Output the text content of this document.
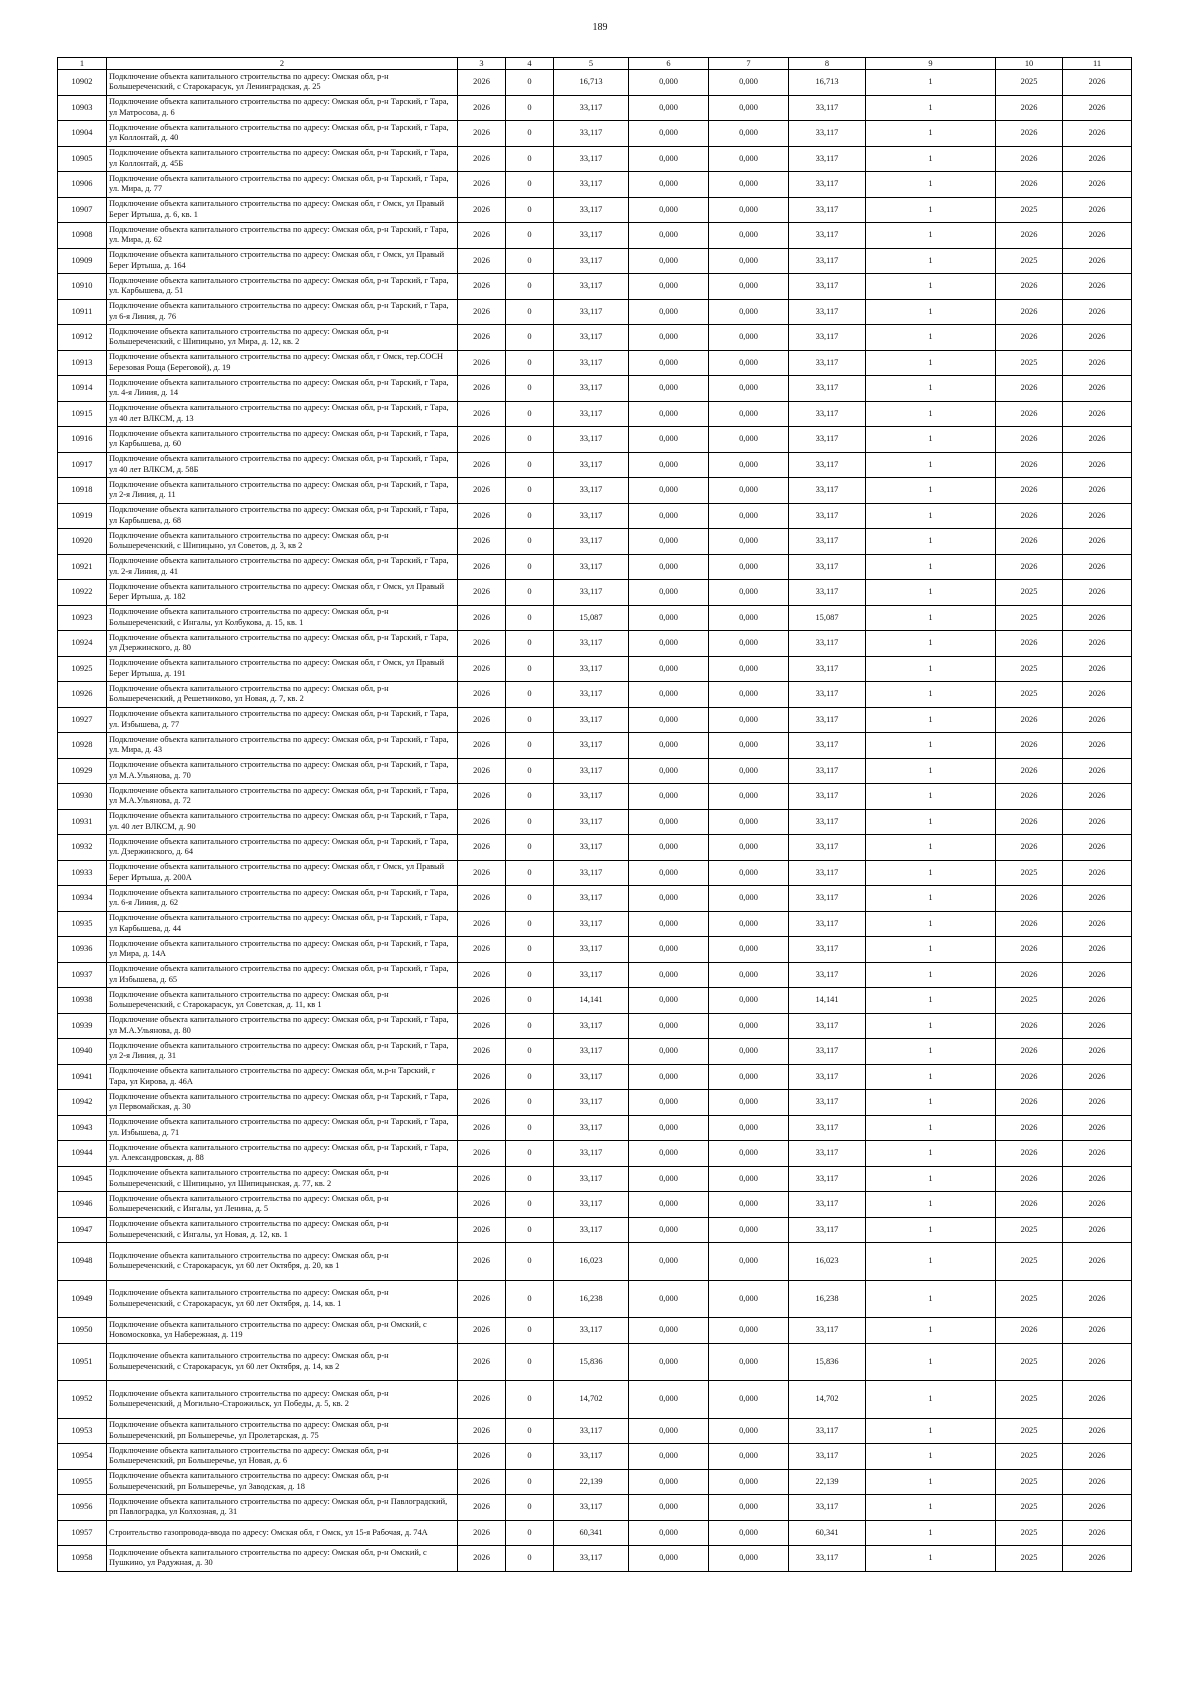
189
1	2	3	4	5	6	7	8	9	10	11
10902	Подключение объекта капитального строительства по адресу: Омская обл, р-н Большереченский, с Старокарасук, ул Ленинградская, д. 25	2026	0	16,713	0,000	0,000	16,713	1	2025	2026
10903	Подключение объекта капитального строительства по адресу: Омская обл, р-н Тарский, г Тара, ул Матросова, д. 6	2026	0	33,117	0,000	0,000	33,117	1	2026	2026
10904	Подключение объекта капитального строительства по адресу: Омская обл, р-н Тарский, г Тара, ул Коллонтай, д. 40	2026	0	33,117	0,000	0,000	33,117	1	2026	2026
10905	Подключение объекта капитального строительства по адресу: Омская обл, р-н Тарский, г Тара, ул Коллонтай, д. 45Б	2026	0	33,117	0,000	0,000	33,117	1	2026	2026
10906	Подключение объекта капитального строительства по адресу: Омская обл, р-н Тарский, г Тара, ул. Мира, д. 77	2026	0	33,117	0,000	0,000	33,117	1	2026	2026
10907	Подключение объекта капитального строительства по адресу: Омская обл, г Омск, ул Правый Берег Иртыша, д. 6, кв. 1	2026	0	33,117	0,000	0,000	33,117	1	2025	2026
10908	Подключение объекта капитального строительства по адресу: Омская обл, р-н Тарский, г Тара, ул. Мира, д. 62	2026	0	33,117	0,000	0,000	33,117	1	2026	2026
10909	Подключение объекта капитального строительства по адресу: Омская обл, г Омск, ул Правый Берег Иртыша, д. 164	2026	0	33,117	0,000	0,000	33,117	1	2025	2026
10910	Подключение объекта капитального строительства по адресу: Омская обл, р-н Тарский, г Тара, ул. Карбышева, д. 51	2026	0	33,117	0,000	0,000	33,117	1	2026	2026
10911	Подключение объекта капитального строительства по адресу: Омская обл, р-н Тарский, г Тара, ул 6-я Линия, д. 76	2026	0	33,117	0,000	0,000	33,117	1	2026	2026
10912	Подключение объекта капитального строительства по адресу: Омская обл, р-н Большереченский, с Шипицыно, ул Мира, д. 12, кв. 2	2026	0	33,117	0,000	0,000	33,117	1	2026	2026
10913	Подключение объекта капитального строительства по адресу: Омская обл, г Омск, тер.СОСН Березовая Роща (Береговой), д. 19	2026	0	33,117	0,000	0,000	33,117	1	2025	2026
10914	Подключение объекта капитального строительства по адресу: Омская обл, р-н Тарский, г Тара, ул. 4-я Линия, д. 14	2026	0	33,117	0,000	0,000	33,117	1	2026	2026
10915	Подключение объекта капитального строительства по адресу: Омская обл, р-н Тарский, г Тара, ул 40 лет ВЛКСМ, д. 13	2026	0	33,117	0,000	0,000	33,117	1	2026	2026
10916	Подключение объекта капитального строительства по адресу: Омская обл, р-н Тарский, г Тара, ул Карбышева, д. 60	2026	0	33,117	0,000	0,000	33,117	1	2026	2026
10917	Подключение объекта капитального строительства по адресу: Омская обл, р-н Тарский, г Тара, ул 40 лет ВЛКСМ, д. 58Б	2026	0	33,117	0,000	0,000	33,117	1	2026	2026
10918	Подключение объекта капитального строительства по адресу: Омская обл, р-н Тарский, г Тара, ул 2-я Линия, д. 11	2026	0	33,117	0,000	0,000	33,117	1	2026	2026
10919	Подключение объекта капитального строительства по адресу: Омская обл, р-н Тарский, г Тара, ул Карбышева, д. 68	2026	0	33,117	0,000	0,000	33,117	1	2026	2026
10920	Подключение объекта капитального строительства по адресу: Омская обл, р-н Большереченский, с Шипицыно, ул Советов, д. 3, кв 2	2026	0	33,117	0,000	0,000	33,117	1	2026	2026
10921	Подключение объекта капитального строительства по адресу: Омская обл, р-н Тарский, г Тара, ул. 2-я Линия, д. 41	2026	0	33,117	0,000	0,000	33,117	1	2026	2026
10922	Подключение объекта капитального строительства по адресу: Омская обл, г Омск, ул Правый Берег Иртыша, д. 182	2026	0	33,117	0,000	0,000	33,117	1	2025	2026
10923	Подключение объекта капитального строительства по адресу: Омская обл, р-н Большереченский, с Ингалы, ул Колбукова, д. 15, кв. 1	2026	0	15,087	0,000	0,000	15,087	1	2025	2026
10924	Подключение объекта капитального строительства по адресу: Омская обл, р-н Тарский, г Тара, ул Дзержинского, д. 80	2026	0	33,117	0,000	0,000	33,117	1	2026	2026
10925	Подключение объекта капитального строительства по адресу: Омская обл, г Омск, ул Правый Берег Иртыша, д. 191	2026	0	33,117	0,000	0,000	33,117	1	2025	2026
10926	Подключение объекта капитального строительства по адресу: Омская обл, р-н Большереченский, д Решетниково, ул Новая, д. 7, кв. 2	2026	0	33,117	0,000	0,000	33,117	1	2025	2026
10927	Подключение объекта капитального строительства по адресу: Омская обл, р-н Тарский, г Тара, ул. Избышева, д. 77	2026	0	33,117	0,000	0,000	33,117	1	2026	2026
10928	Подключение объекта капитального строительства по адресу: Омская обл, р-н Тарский, г Тара, ул. Мира, д. 43	2026	0	33,117	0,000	0,000	33,117	1	2026	2026
10929	Подключение объекта капитального строительства по адресу: Омская обл, р-н Тарский, г Тара, ул М.А.Ульянова, д. 70	2026	0	33,117	0,000	0,000	33,117	1	2026	2026
10930	Подключение объекта капитального строительства по адресу: Омская обл, р-н Тарский, г Тара, ул М.А.Ульянова, д. 72	2026	0	33,117	0,000	0,000	33,117	1	2026	2026
10931	Подключение объекта капитального строительства по адресу: Омская обл, р-н Тарский, г Тара, ул. 40 лет ВЛКСМ, д. 90	2026	0	33,117	0,000	0,000	33,117	1	2026	2026
10932	Подключение объекта капитального строительства по адресу: Омская обл, р-н Тарский, г Тара, ул. Дзержинского, д. 64	2026	0	33,117	0,000	0,000	33,117	1	2026	2026
10933	Подключение объекта капитального строительства по адресу: Омская обл, г Омск, ул Правый Берег Иртыша, д. 200А	2026	0	33,117	0,000	0,000	33,117	1	2025	2026
10934	Подключение объекта капитального строительства по адресу: Омская обл, р-н Тарский, г Тара, ул. 6-я Линия, д. 62	2026	0	33,117	0,000	0,000	33,117	1	2026	2026
10935	Подключение объекта капитального строительства по адресу: Омская обл, р-н Тарский, г Тара, ул Карбышева, д. 44	2026	0	33,117	0,000	0,000	33,117	1	2026	2026
10936	Подключение объекта капитального строительства по адресу: Омская обл, р-н Тарский, г Тара, ул Мира, д. 14А	2026	0	33,117	0,000	0,000	33,117	1	2026	2026
10937	Подключение объекта капитального строительства по адресу: Омская обл, р-н Тарский, г Тара, ул Избышева, д. 65	2026	0	33,117	0,000	0,000	33,117	1	2026	2026
10938	Подключение объекта капитального строительства по адресу: Омская обл, р-н Большереченский, с Старокарасук, ул Советская, д. 11, кв 1	2026	0	14,141	0,000	0,000	14,141	1	2025	2026
10939	Подключение объекта капитального строительства по адресу: Омская обл, р-н Тарский, г Тара, ул М.А.Ульянова, д. 80	2026	0	33,117	0,000	0,000	33,117	1	2026	2026
10940	Подключение объекта капитального строительства по адресу: Омская обл, р-н Тарский, г Тара, ул 2-я Линия, д. 31	2026	0	33,117	0,000	0,000	33,117	1	2026	2026
10941	Подключение объекта капитального строительства по адресу: Омская обл, м.р-н Тарский, г Тара, ул Кирова, д. 46А	2026	0	33,117	0,000	0,000	33,117	1	2026	2026
10942	Подключение объекта капитального строительства по адресу: Омская обл, р-н Тарский, г Тара, ул Первомайская, д. 30	2026	0	33,117	0,000	0,000	33,117	1	2026	2026
10943	Подключение объекта капитального строительства по адресу: Омская обл, р-н Тарский, г Тара, ул. Избышева, д. 71	2026	0	33,117	0,000	0,000	33,117	1	2026	2026
10944	Подключение объекта капитального строительства по адресу: Омская обл, р-н Тарский, г Тара, ул. Александровская, д. 88	2026	0	33,117	0,000	0,000	33,117	1	2026	2026
10945	Подключение объекта капитального строительства по адресу: Омская обл, р-н Большереченский, с Шипицыно, ул Шипицынская, д. 77, кв. 2	2026	0	33,117	0,000	0,000	33,117	1	2026	2026
10946	Подключение объекта капитального строительства по адресу: Омская обл, р-н Большереченский, с Ингалы, ул Ленина, д. 5	2026	0	33,117	0,000	0,000	33,117	1	2026	2026
10947	Подключение объекта капитального строительства по адресу: Омская обл, р-н Большереченский, с Ингалы, ул Новая, д. 12, кв. 1	2026	0	33,117	0,000	0,000	33,117	1	2025	2026
10948	Подключение объекта капитального строительства по адресу: Омская обл, р-н Большереченский, с Старокарасук, ул 60 лет Октября, д. 20, кв 1	2026	0	16,023	0,000	0,000	16,023	1	2025	2026
10949	Подключение объекта капитального строительства по адресу: Омская обл, р-н Большереченский, с Старокарасук, ул 60 лет Октября, д. 14, кв. 1	2026	0	16,238	0,000	0,000	16,238	1	2025	2026
10950	Подключение объекта капитального строительства по адресу: Омская обл, р-н Омский, с Новомосковка, ул Набережная, д. 119	2026	0	33,117	0,000	0,000	33,117	1	2026	2026
10951	Подключение объекта капитального строительства по адресу: Омская обл, р-н Большереченский, с Старокарасук, ул 60 лет Октября, д. 14, кв 2	2026	0	15,836	0,000	0,000	15,836	1	2025	2026
10952	Подключение объекта капитального строительства по адресу: Омская обл, р-н Большереченский, д Могильно-Старожильск, ул Победы, д. 5, кв. 2	2026	0	14,702	0,000	0,000	14,702	1	2025	2026
10953	Подключение объекта капитального строительства по адресу: Омская обл, р-н Большереченский, рп Большеречье, ул Пролетарская, д. 75	2026	0	33,117	0,000	0,000	33,117	1	2025	2026
10954	Подключение объекта капитального строительства по адресу: Омская обл, р-н Большереченский, рп Большеречье, ул Новая, д. 6	2026	0	33,117	0,000	0,000	33,117	1	2025	2026
10955	Подключение объекта капитального строительства по адресу: Омская обл, р-н Большереченский, рп Большеречье, ул Заводская, д. 18	2026	0	22,139	0,000	0,000	22,139	1	2025	2026
10956	Подключение объекта капитального строительства по адресу: Омская обл, р-н Павлоградский, рп Павлоградка, ул Колхозная, д. 31	2026	0	33,117	0,000	0,000	33,117	1	2025	2026
10957	Строительство газопровода-ввода по адресу: Омская обл, г Омск, ул 15-я Рабочая, д. 74А	2026	0	60,341	0,000	0,000	60,341	1	2025	2026
10958	Подключение объекта капитального строительства по адресу: Омская обл, р-н Омский, с Пушкино, ул Радужная, д. 30	2026	0	33,117	0,000	0,000	33,117	1	2025	2026
